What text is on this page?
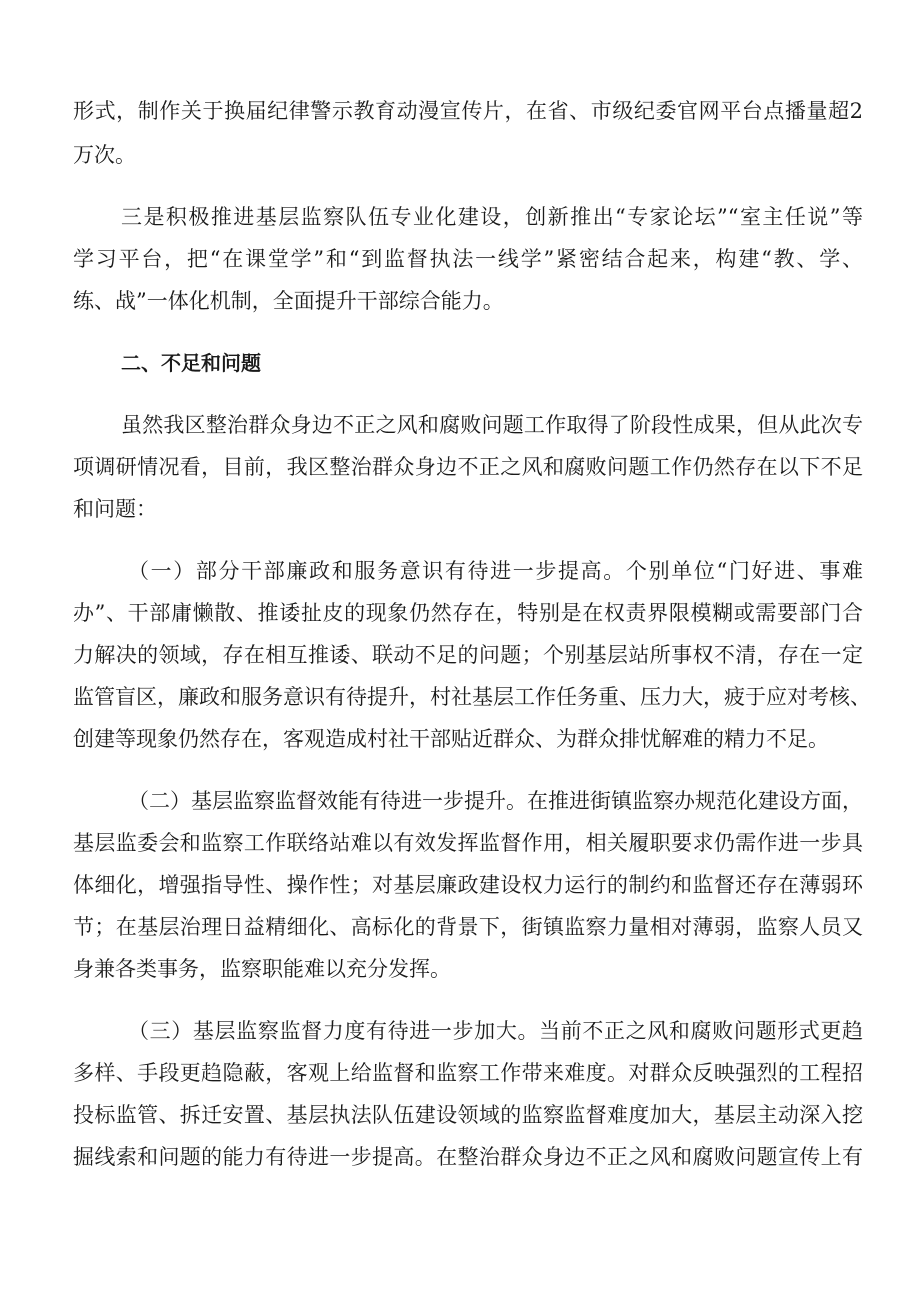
形式，制作关于换届纪律警示教育动漫宣传片，在省、市级纪委官网平台点播量超2
万次。
三是积极推进基层监察队伍专业化建设，创新推出“专家论坛”“室主任说”等
学习平台，把“在课堂学”和“到监督执法一线学”紧密结合起来，构建“教、学、
练、战”一体化机制，全面提升干部综合能力。
二、不足和问题
虽然我区整治群众身边不正之风和腐败问题工作取得了阶段性成果，但从此次专
项调研情况看，目前，我区整治群众身边不正之风和腐败问题工作仍然存在以下不足
和问题：
（一）部分干部廉政和服务意识有待进一步提高。个别单位“门好进、事难
办”、干部庸懒散、推诿扯皮的现象仍然存在，特别是在权责界限模糊或需要部门合
力解决的领域，存在相互推诿、联动不足的问题；个别基层站所事权不清，存在一定
监管盲区，廉政和服务意识有待提升，村社基层工作任务重、压力大，疲于应对考核、
创建等现象仍然存在，客观造成村社干部贴近群众、为群众排忧解难的精力不足。
（二）基层监察监督效能有待进一步提升。在推进街镇监察办规范化建设方面，
基层监委会和监察工作联络站难以有效发挥监督作用，相关履职要求仍需作进一步具
体细化，增强指导性、操作性；对基层廉政建设权力运行的制约和监督还存在薄弱环
节；在基层治理日益精细化、高标化的背景下，街镇监察力量相对薄弱，监察人员又
身兼各类事务，监察职能难以充分发挥。
（三）基层监察监督力度有待进一步加大。当前不正之风和腐败问题形式更趋
多样、手段更趋隐蔽，客观上给监督和监察工作带来难度。对群众反映强烈的工程招
投标监管、拆迁安置、基层执法队伍建设领域的监察监督难度加大，基层主动深入挖
掘线索和问题的能力有待进一步提高。在整治群众身边不正之风和腐败问题宣传上有
